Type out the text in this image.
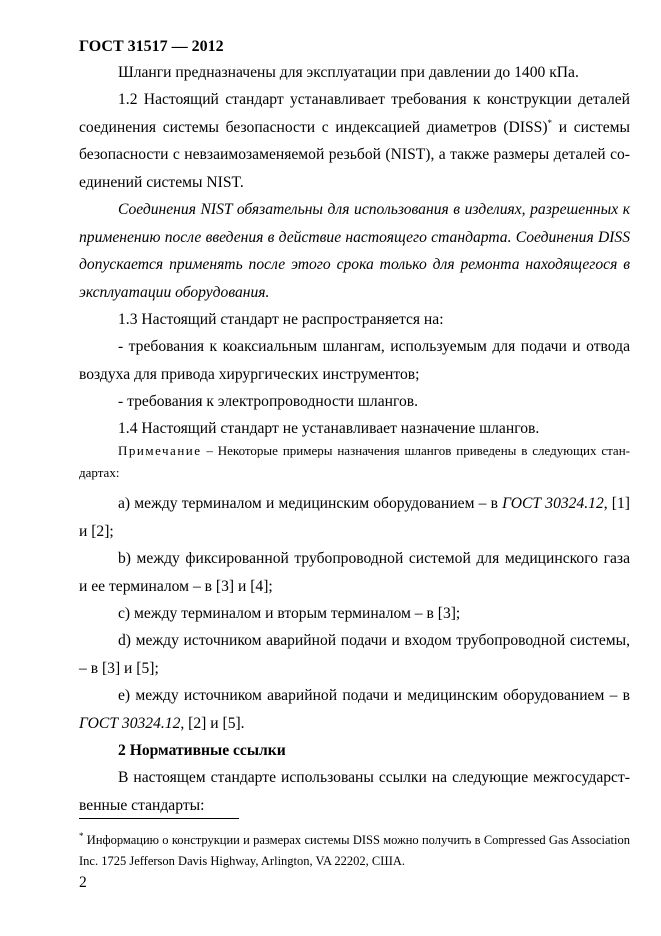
ГОСТ 31517 — 2012
Шланги предназначены для эксплуатации при давлении до 1400 кПа.
1.2 Настоящий стандарт устанавливает требования к конструкции деталей соединения системы безопасности с индексацией диаметров (DISS)* и системы безопасности с невзаимозаменяемой резьбой (NIST), а также размеры деталей соединений системы NIST.
Соединения NIST обязательны для использования в изделиях, разрешенных к применению после введения в действие настоящего стандарта. Соединения DISS допускается применять после этого срока только для ремонта находящегося в эксплуатации оборудования.
1.3 Настоящий стандарт не распространяется на:
- требования к коаксиальным шлангам, используемым для подачи и отвода воздуха для привода хирургических инструментов;
- требования к электропроводности шлангов.
1.4 Настоящий стандарт не устанавливает назначение шлангов.
Примечание – Некоторые примеры назначения шлангов приведены в следующих стандартах:
а) между терминалом и медицинским оборудованием – в ГОСТ 30324.12, [1] и [2];
b) между фиксированной трубопроводной системой для медицинского газа и ее терминалом – в [3] и [4];
с) между терминалом и вторым терминалом – в [3];
d) между источником аварийной подачи и входом трубопроводной системы, – в [3] и [5];
е) между источником аварийной подачи и медицинским оборудованием – в ГОСТ 30324.12, [2] и [5].
2 Нормативные ссылки
В настоящем стандарте использованы ссылки на следующие межгосударственные стандарты:
* Информацию о конструкции и размерах системы DISS можно получить в Compressed Gas Association Inc. 1725 Jefferson Davis Highway, Arlington, VA 22202, США.
2
